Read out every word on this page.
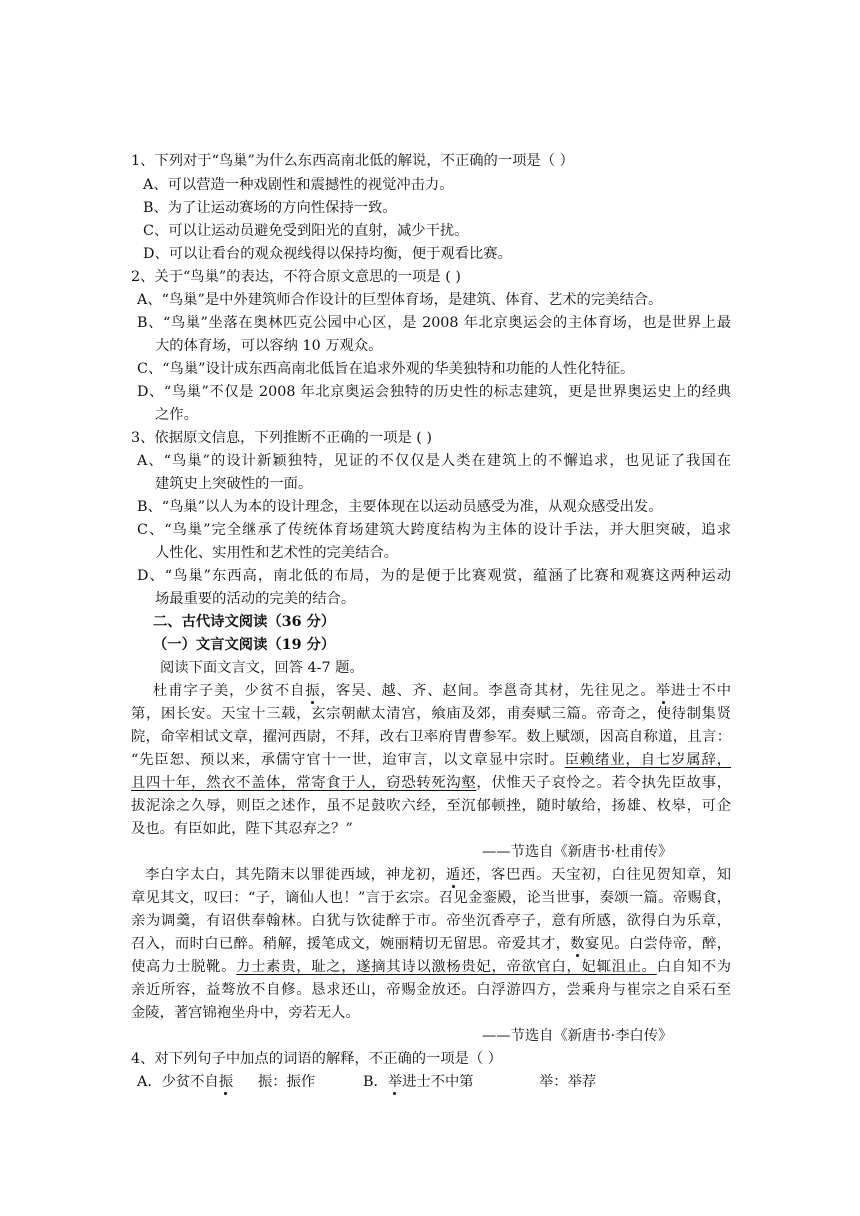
1、下列对于“鸟巢”为什么东西高南北低的解说，不正确的一项是（ ）
A、可以营造一种戏剧性和震撼性的视觉冲击力。
B、为了让运动赛场的方向性保持一致。
C、可以让运动员避免受到阳光的直射，减少干扰。
D、可以让看台的观众视线得以保持均衡，便于观看比赛。
2、关于“鸟巢”的表达，不符合原文意思的一项是 ( )
A、“鸟巢”是中外建筑师合作设计的巨型体育场，是建筑、体育、艺术的完美结合。
B、“鸟巢”坐落在奥林匹克公园中心区，是 2008 年北京奥运会的主体育场，也是世界上最
大的体育场，可以容纳 10 万观众。
C、“鸟巢”设计成东西高南北低旨在追求外观的华美独特和功能的人性化特征。
D、“鸟巢”不仅是 2008 年北京奥运会独特的历史性的标志建筑，更是世界奥运史上的经典
之作。
3、依据原文信息，下列推断不正确的一项是 ( )
A、“鸟巢”的设计新颖独特，见证的不仅仅是人类在建筑上的不懈追求，也见证了我国在
建筑史上突破性的一面。
B、“鸟巢”以人为本的设计理念，主要体现在以运动员感受为准，从观众感受出发。
C、“鸟巢”完全继承了传统体育场建筑大跨度结构为主体的设计手法，并大胆突破，追求
人性化、实用性和艺术性的完美结合。
D、“鸟巢”东西高，南北低的布局，为的是便于比赛观赏，蕴涵了比赛和观赛这两种运动
场最重要的活动的完美的结合。
二、古代诗文阅读（36 分）
（一）文言文阅读（19 分）
阅读下面文言文，回答 4-7 题。
杜甫字子美，少贫不自振，客吴、越、齐、赵间。李邕奇其材，先往见之。举进士不中
第，困长安。天宝十三载，玄宗朝献太清宫，飨庙及郊，甫奏赋三篇。帝奇之，使待制集贤
院，命宰相试文章，擢河西尉，不拜，改右卫率府胄曹参军。数上赋颂，因高自称道，且言：
“先臣恕、预以来，承儒守官十一世，迨审言，以文章显中宗时。臣赖绪业，自七岁属辞，
且四十年，然衣不盖体，常寄食于人，窃恐转死沟壑，伏惟天子哀怜之。若令执先臣故事，
拔泥涂之久辱，则臣之述作，虽不足鼓吹六经，至沉郁顿挫，随时敏给，扬雄、枚皋，可企
及也。有臣如此，陛下其忍弃之？”
——节选自《新唐书·杜甫传》
李白字太白，其先隋末以罪徙西域，神龙初，遁还，客巴西。天宝初，白往见贺知章，知
章见其文，叹曰：“子，谪仙人也！”言于玄宗。召见金銮殿，论当世事，奏颂一篇。帝赐食，
亲为调羹，有诏供奉翰林。白犹与饮徒醉于市。帝坐沉香亭子，意有所感，欲得白为乐章，
召入，而时白已醉。稍解，援笔成文，婉丽精切无留思。帝爱其才，数宴见。白尝侍帝，醉，
使高力士脱靴。力士素贵，耻之，遂摘其诗以激杨贵妃，帝欲官白，妃辄沮止。白自知不为
亲近所容，益骜放不自修。恳求还山，帝赐金放还。白浮游四方，尝乘舟与崔宗之自采石至
金陵，著宫锦袍坐舟中，旁若无人。
——节选自《新唐书·李白传》
4、对下列句子中加点的词语的解释，不正确的一项是（ ）
A．少贫不自振 振：振作	B．举进士不中第	举：举荐
